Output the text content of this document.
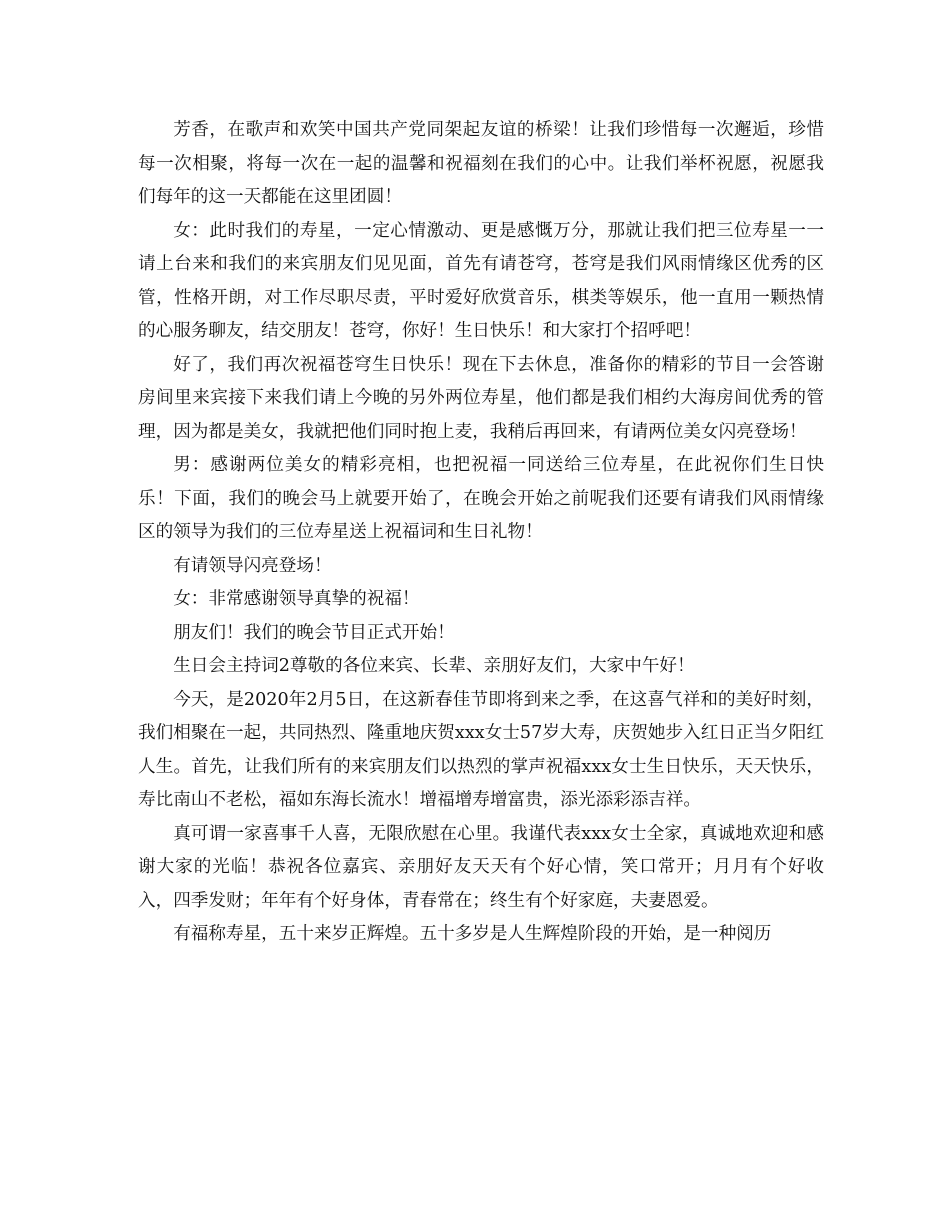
芳香，在歌声和欢笑中国共产党同架起友谊的桥梁！让我们珍惜每一次邂逅，珍惜每一次相聚，将每一次在一起的温馨和祝福刻在我们的心中。让我们举杯祝愿，祝愿我们每年的这一天都能在这里团圆！

女：此时我们的寿星，一定心情激动、更是感慨万分，那就让我们把三位寿星一一请上台来和我们的来宾朋友们见见面，首先有请苍穹，苍穹是我们风雨情缘区优秀的区管，性格开朗，对工作尽职尽责，平时爱好欣赏音乐，棋类等娱乐，他一直用一颗热情的心服务聊友，结交朋友！苍穹，你好！生日快乐！和大家打个招呼吧！

好了，我们再次祝福苍穹生日快乐！现在下去休息，准备你的精彩的节目一会答谢房间里来宾接下来我们请上今晚的另外两位寿星，他们都是我们相约大海房间优秀的管理，因为都是美女，我就把他们同时抱上麦，我稍后再回来，有请两位美女闪亮登场！

男：感谢两位美女的精彩亮相，也把祝福一同送给三位寿星，在此祝你们生日快乐！下面，我们的晚会马上就要开始了，在晚会开始之前呢我们还要有请我们风雨情缘区的领导为我们的三位寿星送上祝福词和生日礼物！

有请领导闪亮登场！

女：非常感谢领导真挚的祝福！

朋友们！我们的晚会节目正式开始！

生日会主持词2尊敬的各位来宾、长辈、亲朋好友们，大家中午好！

今天，是2020年2月5日，在这新春佳节即将到来之季，在这喜气祥和的美好时刻，我们相聚在一起，共同热烈、隆重地庆贺xxx女士57岁大寿，庆贺她步入红日正当夕阳红人生。首先，让我们所有的来宾朋友们以热烈的掌声祝福xxx女士生日快乐，天天快乐，寿比南山不老松，福如东海长流水！增福增寿增富贵，添光添彩添吉祥。

真可谓一家喜事千人喜，无限欣慰在心里。我谨代表xxx女士全家，真诚地欢迎和感谢大家的光临！恭祝各位嘉宾、亲朋好友天天有个好心情，笑口常开；月月有个好收入，四季发财；年年有个好身体，青春常在；终生有个好家庭，夫妻恩爱。

有福称寿星，五十来岁正辉煌。五十多岁是人生辉煌阶段的开始，是一种阅历
